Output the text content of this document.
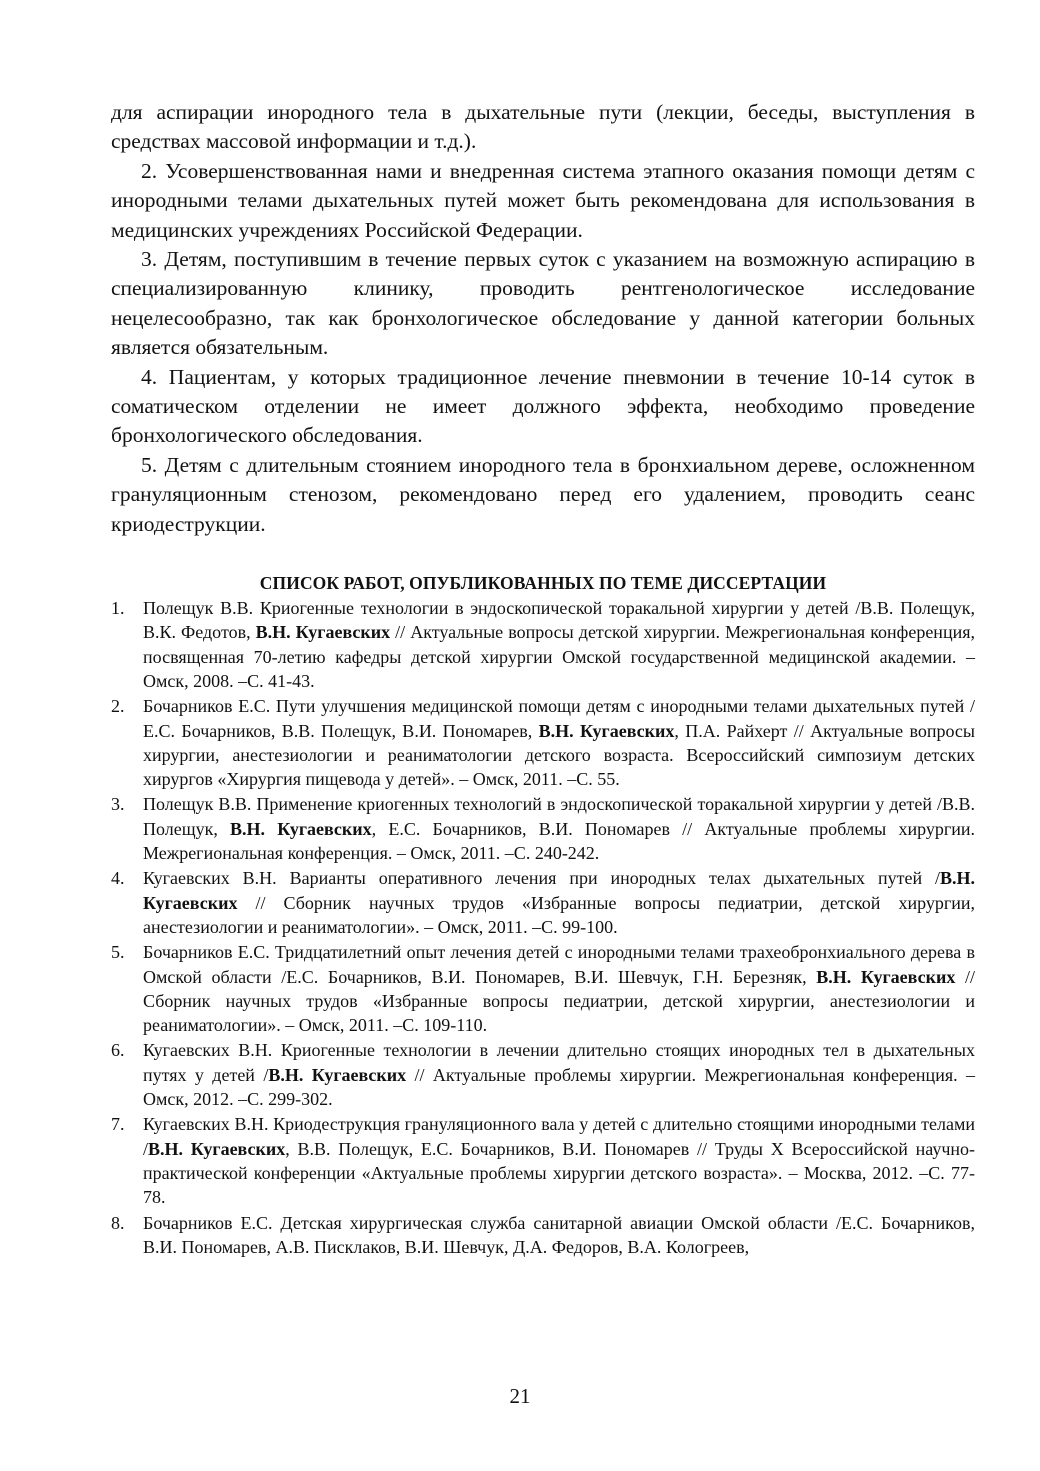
для аспирации инородного тела в дыхательные пути (лекции, беседы, выступления в средствах массовой информации и т.д.).

2. Усовершенствованная нами и внедренная система этапного оказания помощи детям с инородными телами дыхательных путей может быть рекомендована для использования в медицинских учреждениях Российской Федерации.

3. Детям, поступившим в течение первых суток с указанием на возможную аспирацию в специализированную клинику, проводить рентгенологическое исследование нецелесообразно, так как бронхологическое обследование у данной категории больных является обязательным.

4. Пациентам, у которых традиционное лечение пневмонии в течение 10-14 суток в соматическом отделении не имеет должного эффекта, необходимо проведение бронхологического обследования.

5. Детям с длительным стоянием инородного тела в бронхиальном дереве, осложненном грануляционным стенозом, рекомендовано перед его удалением, проводить сеанс криодеструкции.

СПИСОК РАБОТ, ОПУБЛИКОВАННЫХ ПО ТЕМЕ ДИССЕРТАЦИИ
1. Полещук В.В. Криогенные технологии в эндоскопической торакальной хирургии у детей /В.В. Полещук, В.К. Федотов, В.Н. Кугаевских // Актуальные вопросы детской хирургии. Межрегиональная конференция, посвященная 70-летию кафедры детской хирургии Омской государственной медицинской академии. – Омск, 2008. –С. 41-43.
2. Бочарников Е.С. Пути улучшения медицинской помощи детям с инородными телами дыхательных путей /Е.С. Бочарников, В.В. Полещук, В.И. Пономарев, В.Н. Кугаевских, П.А. Райхерт // Актуальные вопросы хирургии, анестезиологии и реаниматологии детского возраста. Всероссийский симпозиум детских хирургов «Хирургия пищевода у детей». – Омск, 2011. –С. 55.
3. Полещук В.В. Применение криогенных технологий в эндоскопической торакальной хирургии у детей /В.В. Полещук, В.Н. Кугаевских, Е.С. Бочарников, В.И. Пономарев // Актуальные проблемы хирургии. Межрегиональная конференция. – Омск, 2011. –С. 240-242.
4. Кугаевских В.Н. Варианты оперативного лечения при инородных телах дыхательных путей /В.Н. Кугаевских // Сборник научных трудов «Избранные вопросы педиатрии, детской хирургии, анестезиологии и реаниматологии». – Омск, 2011. –С. 99-100.
5. Бочарников Е.С. Тридцатилетний опыт лечения детей с инородными телами трахеобронхиального дерева в Омской области /Е.С. Бочарников, В.И. Пономарев, В.И. Шевчук, Г.Н. Березняк, В.Н. Кугаевских // Сборник научных трудов «Избранные вопросы педиатрии, детской хирургии, анестезиологии и реаниматологии». – Омск, 2011. –С. 109-110.
6. Кугаевских В.Н. Криогенные технологии в лечении длительно стоящих инородных тел в дыхательных путях у детей /В.Н. Кугаевских // Актуальные проблемы хирургии. Межрегиональная конференция. – Омск, 2012. –С. 299-302.
7. Кугаевских В.Н. Криодеструкция грануляционного вала у детей с длительно стоящими инородными телами /В.Н. Кугаевских, В.В. Полещук, Е.С. Бочарников, В.И. Пономарев // Труды X Всероссийской научно-практической конференции «Актуальные проблемы хирургии детского возраста». – Москва, 2012. –С. 77-78.
8. Бочарников Е.С. Детская хирургическая служба санитарной авиации Омской области /Е.С. Бочарников, В.И. Пономарев, А.В. Писклаков, В.И. Шевчук, Д.А. Федоров, В.А. Кологреев,
21
